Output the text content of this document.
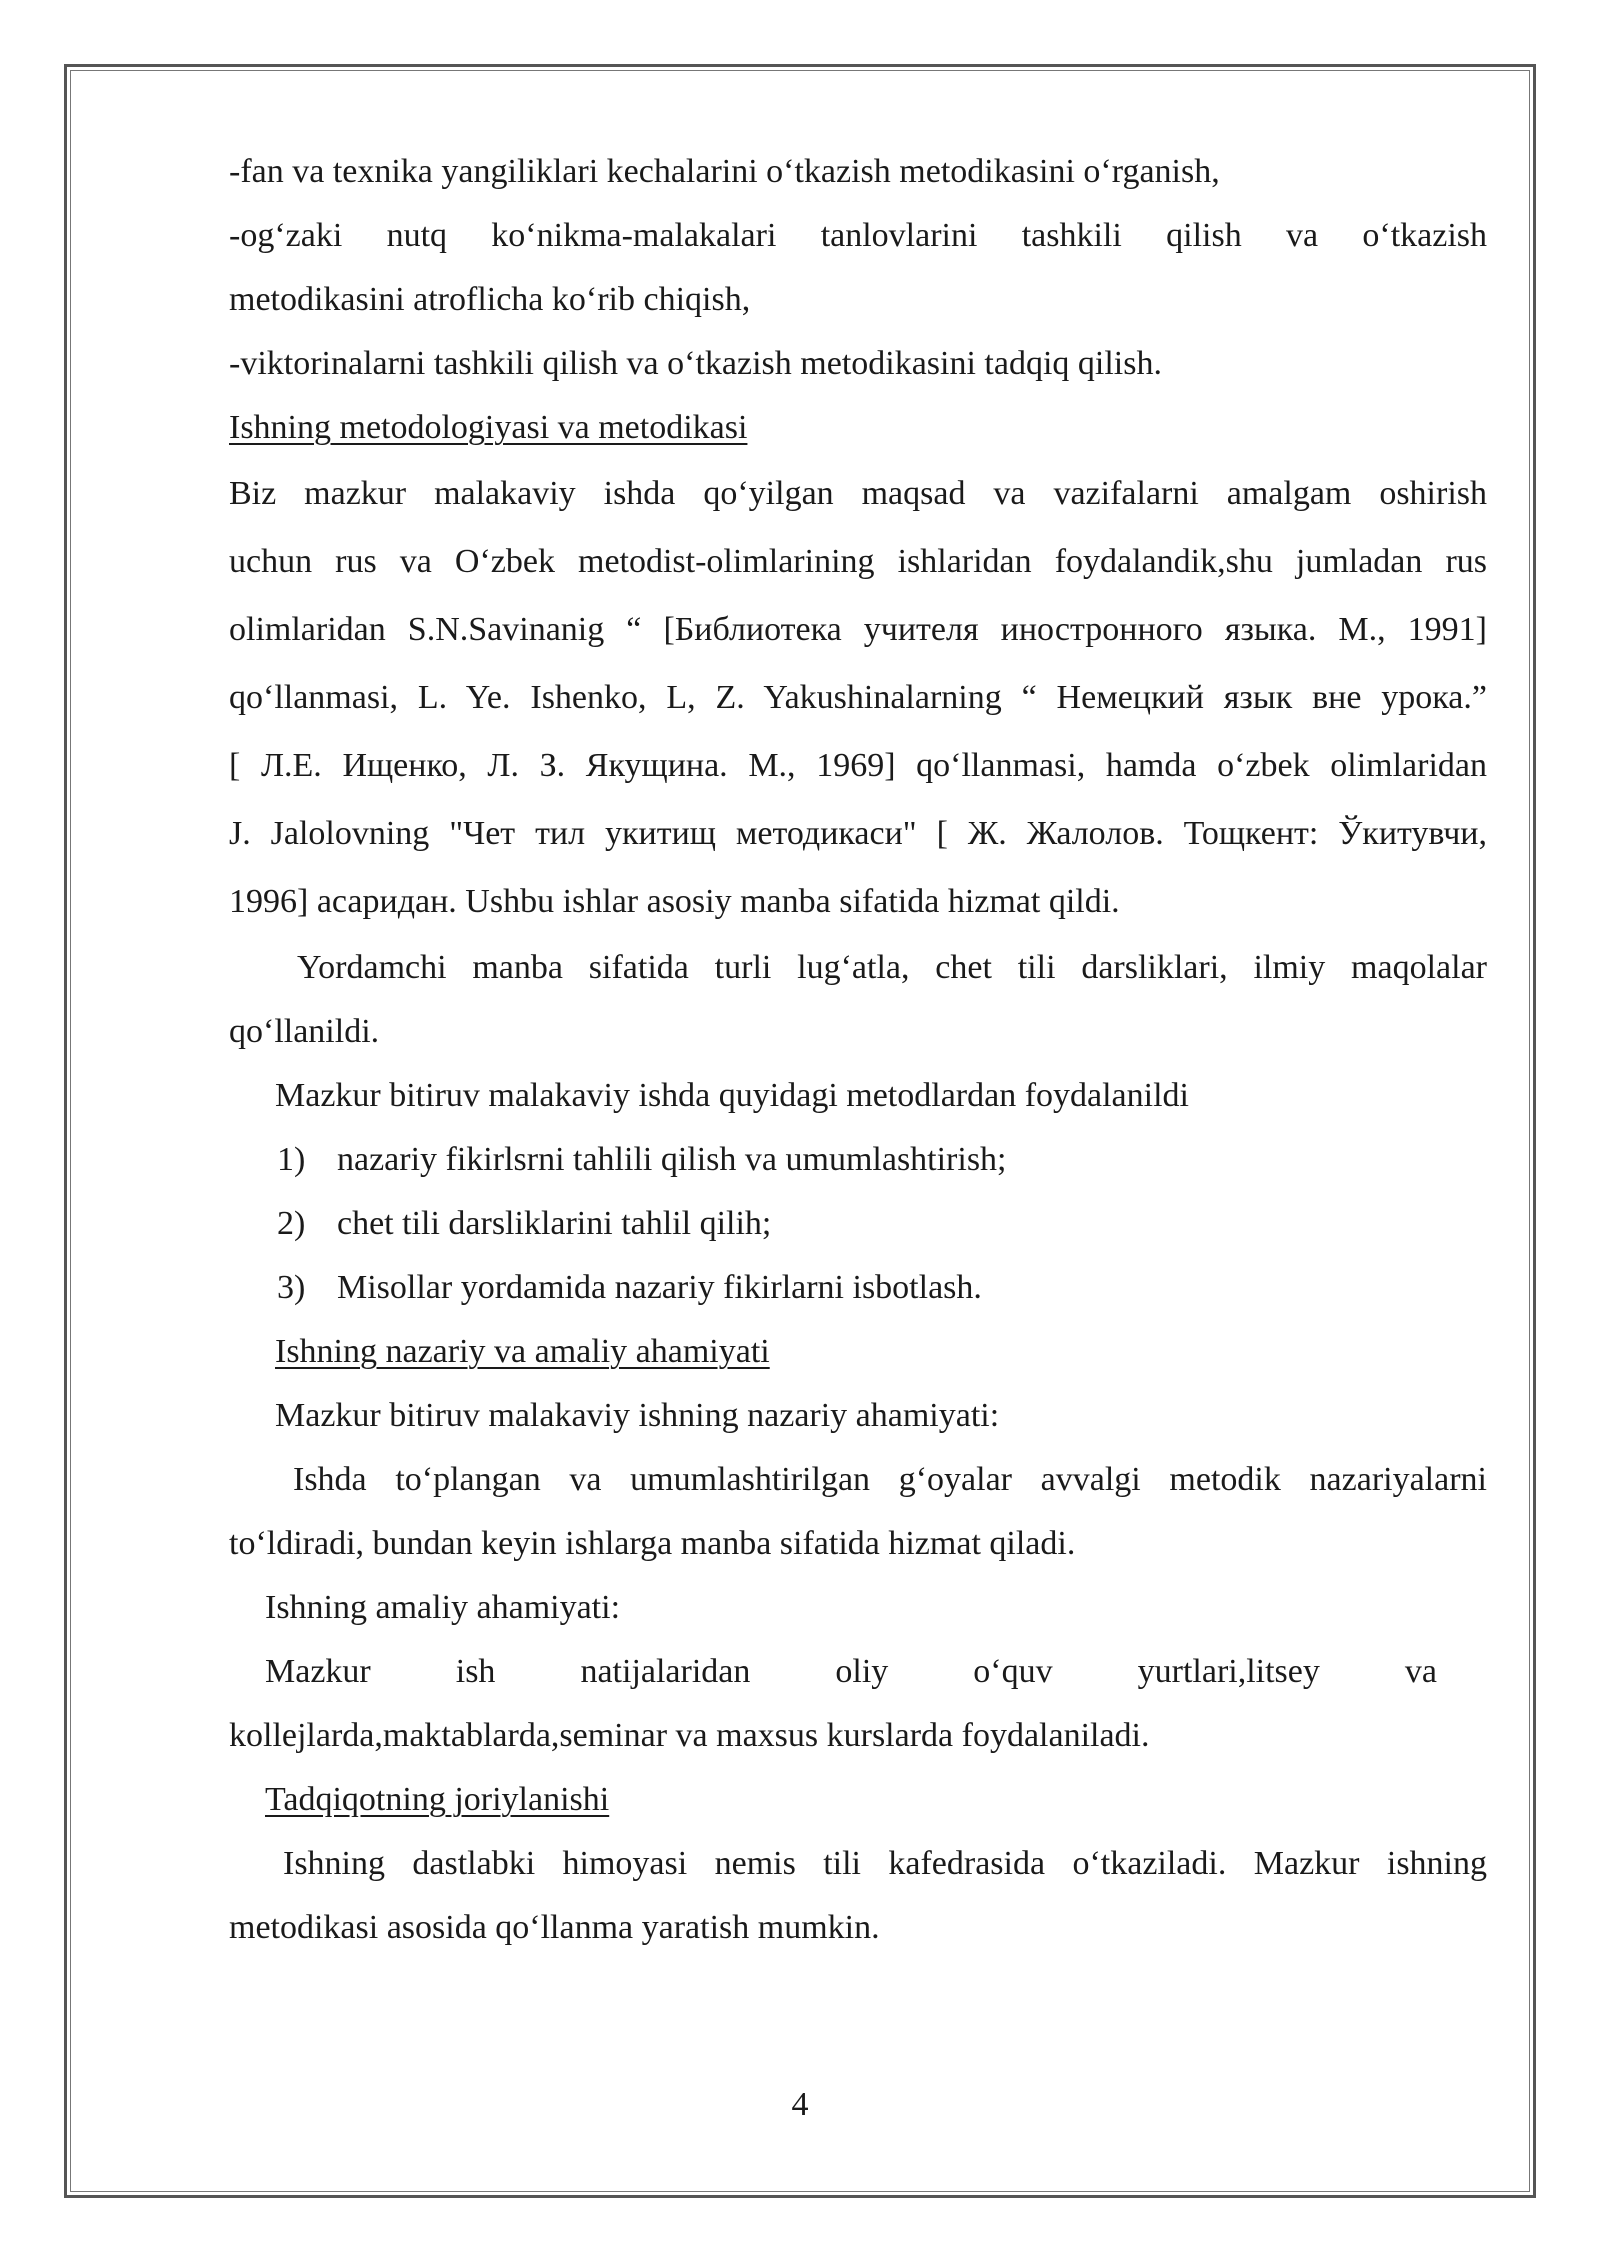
-fan va texnika yangiliklari kechalarini o‘tkazish metodikasini o‘rganish,
-og‘zaki nutq ko‘nikma-malakalari tanlovlarini tashkili qilish va o‘tkazish
metodikasini atroflicha ko‘rib chiqish,
-viktorinalarni tashkili qilish va o‘tkazish metodikasini tadqiq qilish.
Ishning metodologiyasi va metodikasi
Biz mazkur malakaviy ishda qo‘yilgan maqsad va vazifalarni amalgam oshirish
uchun rus va O‘zbek metodist-olimlarining ishlaridan foydalandik,shu jumladan rus
olimlaridan S.N.Savinanig “ [Библиотека учителя иностронного языка. М., 1991]
qo‘llanmasi, L. Ye. Ishenko, L, Z. Yakushinalarning “ Немецкий язык вне урока.”
[ Л.Е. Ищенко, Л. З. Якущина. М., 1969] qo‘llanmasi, hamda o‘zbek olimlaridan
J. Jalolovning "Чет тил укитищ методикаси" [ Ж. Жалолов. Тощкент: Ўкитувчи,
1996] асаридан. Ushbu ishlar asosiy manba sifatida hizmat qildi.
Yordamchi manba sifatida turli lug‘atla, chet tili darsliklari, ilmiy maqolalar
qo‘llanildi.
Mazkur bitiruv malakaviy ishda quyidagi metodlardan foydalanildi
1) nazariy fikirlsrni tahlili qilish va umumlashtirish;
2) chet tili darsliklarini tahlil qilih;
3) Misollar yordamida nazariy fikirlarni isbotlash.
Ishning nazariy va amaliy ahamiyati
Mazkur bitiruv malakaviy ishning nazariy ahamiyati:
Ishda to‘plangan va umumlashtirilgan g‘oyalar avvalgi metodik nazariyalarni
to‘ldiradi, bundan keyin ishlarga manba sifatida hizmat qiladi.
Ishning amaliy ahamiyati:
Mazkur ish natijalaridan oliy o‘quv yurtlari,litsey va
kollejlarda,maktablarda,seminar va maxsus kurslarda foydalaniladi.
Tadqiqotning joriylanishi
Ishning dastlabki himoyasi nemis tili kafedrasida o‘tkaziladi. Mazkur ishning
metodikasi asosida qo‘llanma yaratish mumkin.
4
